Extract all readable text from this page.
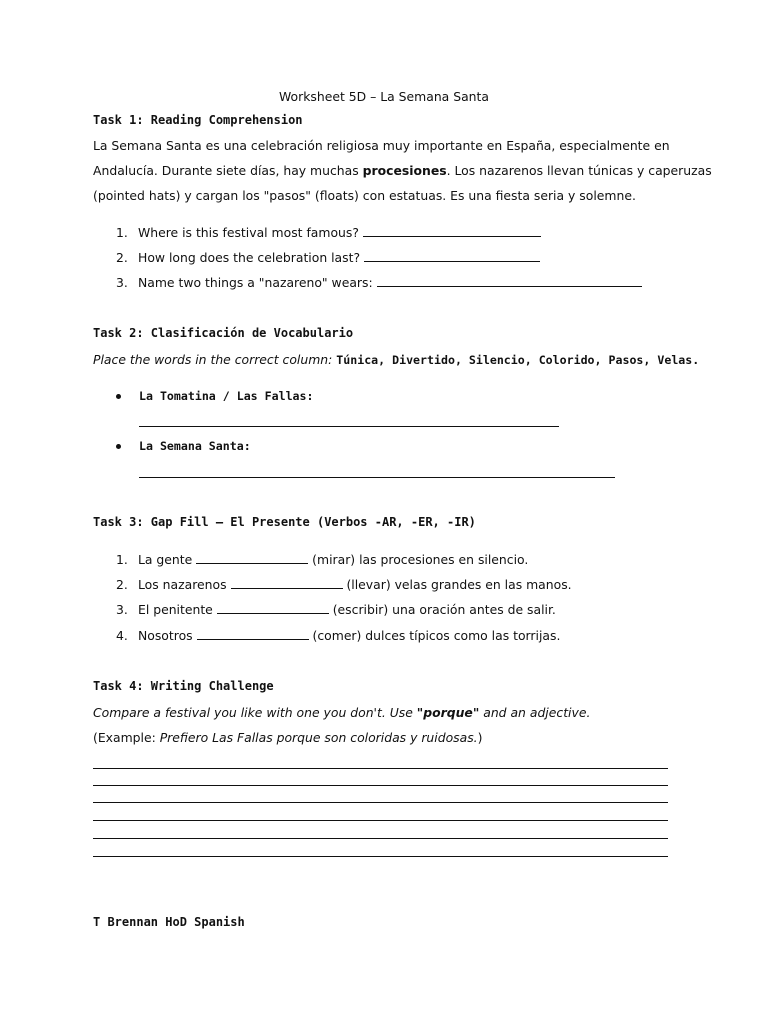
Worksheet 5D – La Semana Santa
Task 1: Reading Comprehension
La Semana Santa es una celebración religiosa muy importante en España, especialmente en
Andalucía. Durante siete días, hay muchas procesiones. Los nazarenos llevan túnicas y caperuzas
(pointed hats) y cargan los "pasos" (floats) con estatuas. Es una fiesta seria y solemne.
1. Where is this festival most famous?
2. How long does the celebration last?
3. Name two things a "nazareno" wears:
Task 2: Clasificación de Vocabulario
Place the words in the correct column: Túnica, Divertido, Silencio, Colorido, Pasos, Velas.
La Tomatina / Las Fallas:
La Semana Santa:
Task 3: Gap Fill – El Presente (Verbos -AR, -ER, -IR)
1. La gente	(mirar) las procesiones en silencio.
2. Los nazarenos	(llevar) velas grandes en las manos.
3. El penitente	(escribir) una oración antes de salir.
4. Nosotros	(comer) dulces típicos como las torrijas.
Task 4: Writing Challenge
Compare a festival you like with one you don't. Use "porque" and an adjective.
(Example: Prefiero Las Fallas porque son coloridas y ruidosas.)
T Brennan HoD Spanish
